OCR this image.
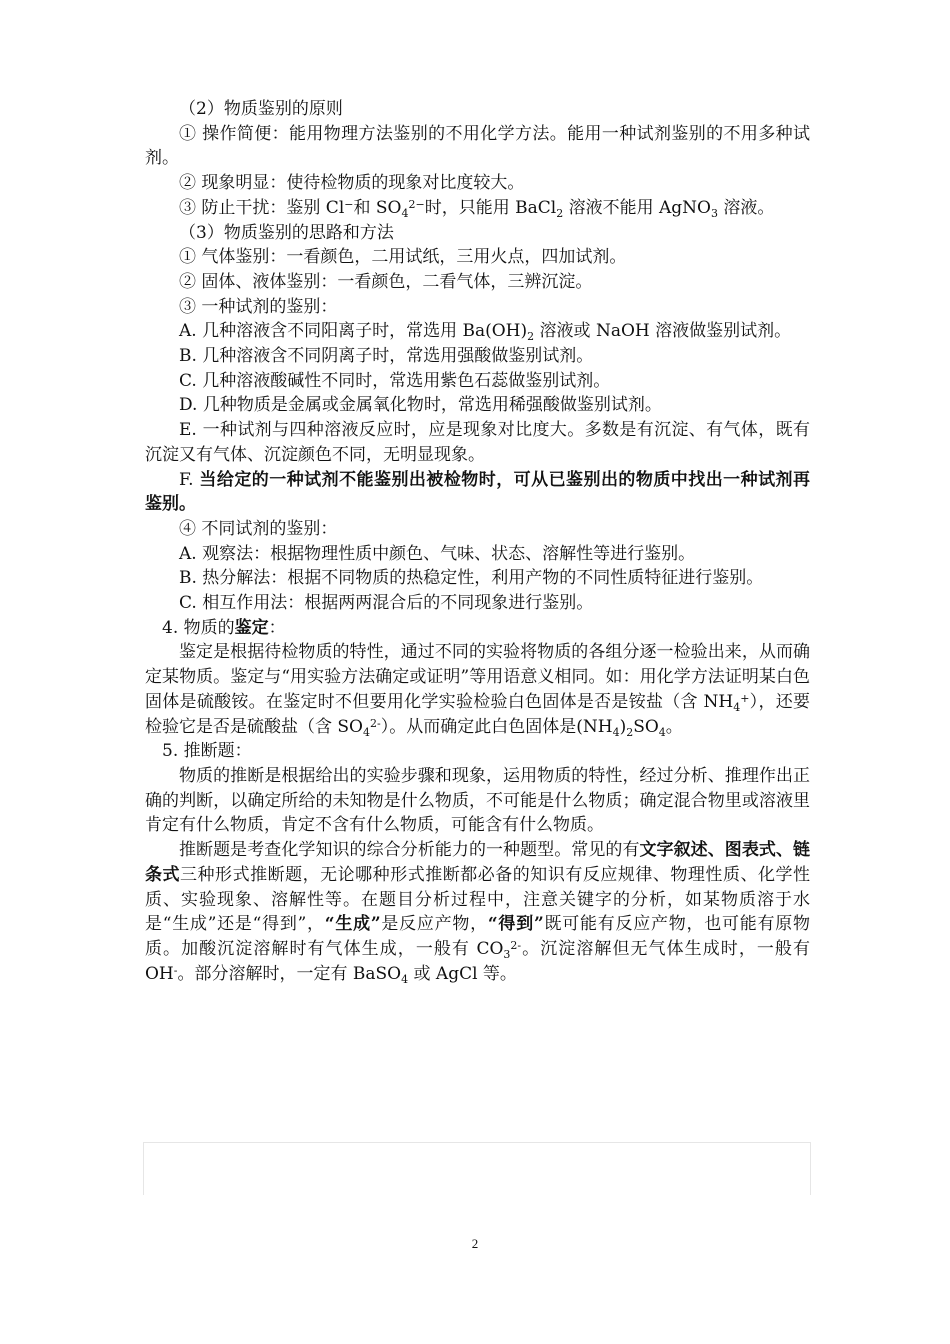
（2）物质鉴别的原则

① 操作简便：能用物理方法鉴别的不用化学方法。能用一种试剂鉴别的不用多种试剂。

② 现象明显：使待检物质的现象对比度较大。

③ 防止干扰：鉴别 Cl−和 $SO_4^{2-}$时，只能用 BaCl$_2$ 溶液不能用 AgNO$_3$ 溶液。

（3）物质鉴别的思路和方法

① 气体鉴别：一看颜色，二用试纸，三用火点，四加试剂。

② 固体、液体鉴别：一看颜色，二看气体，三辨沉淀。

③ 一种试剂的鉴别：

A. 几种溶液含不同阳离子时，常选用 $Ba(OH)_2$ 溶液或 NaOH 溶液做鉴别试剂。

B. 几种溶液含不同阴离子时，常选用强酸做鉴别试剂。

C. 几种溶液酸碱性不同时，常选用紫色石蕊做鉴别试剂。

D. 几种物质是金属或金属氧化物时，常选用稀强酸做鉴别试剂。

E. 一种试剂与四种溶液反应时，应是现象对比度大。多数是有沉淀、有气体，既有沉淀又有气体、沉淀颜色不同，无明显现象。

F. 当给定的一种试剂不能鉴别出被检物时，可从已鉴别出的物质中找出一种试剂再鉴别。

④ 不同试剂的鉴别：

A. 观察法：根据物理性质中颜色、气味、状态、溶解性等进行鉴别。

B. 热分解法：根据不同物质的热稳定性，利用产物的不同性质特征进行鉴别。

C. 相互作用法：根据两两混合后的不同现象进行鉴别。

4. 物质的鉴定：

鉴定是根据待检物质的特性，通过不同的实验将物质的各组分逐一检验出来，从而确定某物质。鉴定与“用实验方法确定或证明”等用语意义相同。如：用化学方法证明某白色固体是硫酸铵。在鉴定时不但要用化学实验检验白色固体是否是铵盐（含 $NH_4^+$），还要检验它是否是硫酸盐（含 $SO_4^{2-}$）。从而确定此白色固体是$(NH_4)_2SO_4$。

5. 推断题：

物质的推断是根据给出的实验步骤和现象，运用物质的特性，经过分析、推理作出正确的判断，以确定所给的未知物是什么物质，不可能是什么物质；确定混合物里或溶液里肯定有什么物质，肯定不含有什么物质，可能含有什么物质。

推断题是考查化学知识的综合分析能力的一种题型。常见的有文字叙述、图表式、链条式三种形式推断题，无论哪种形式推断都必备的知识有反应规律、物理性质、化学性质、实验现象、溶解性等。在题目分析过程中，注意关键字的分析，如某物质溶于水是“生成”还是“得到”，“生成”是反应产物，“得到”既可能有反应产物，也可能有原物质。加酸沉淀溶解时有气体生成，一般有 $CO_3^{2-}$。沉淀溶解但无气体生成时，一般有 OH-。部分溶解时，一定有 BaSO$_4$ 或 AgCl 等。

2
